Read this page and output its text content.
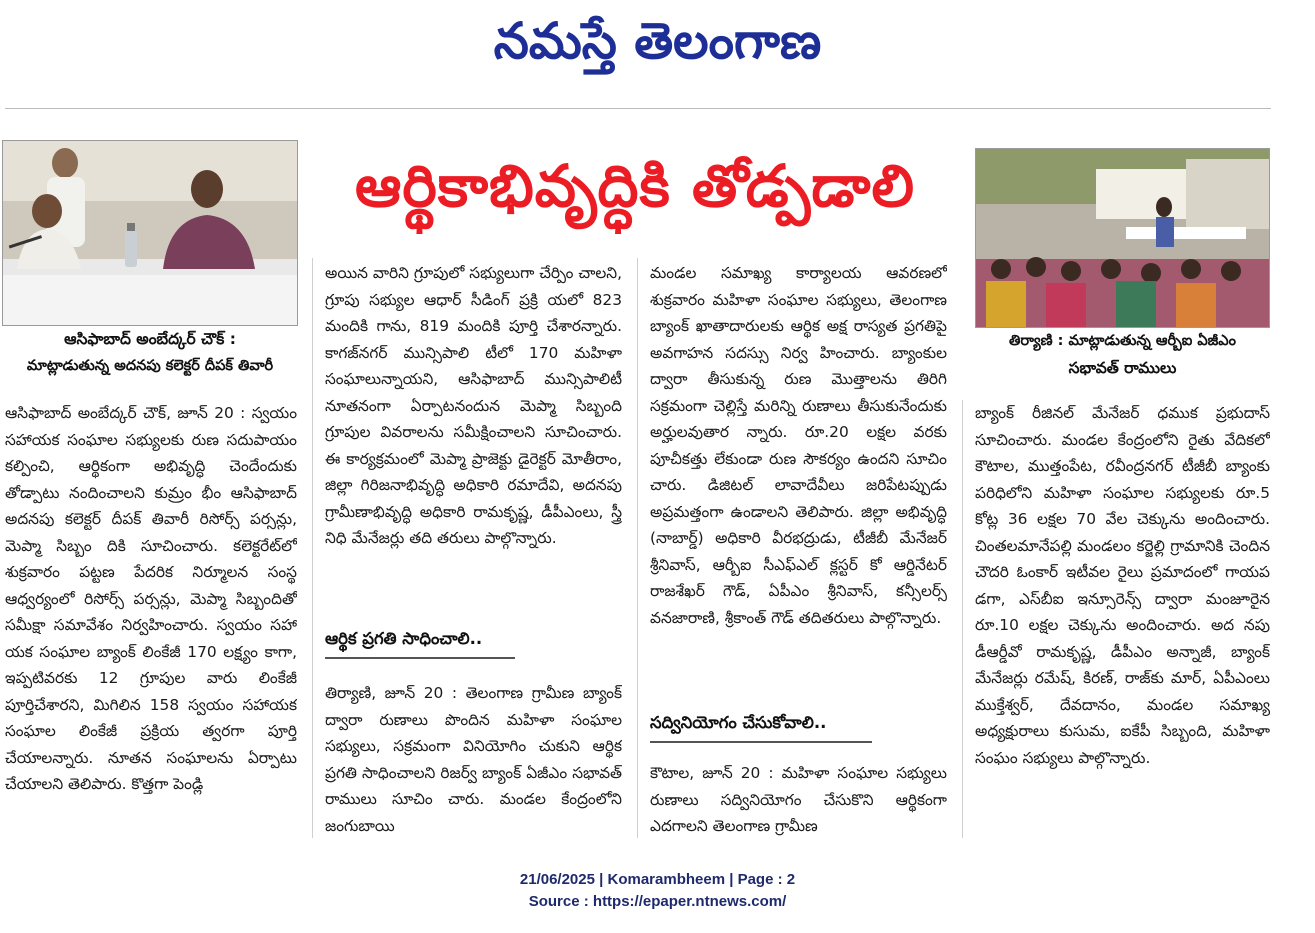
నమస్తే తెలంగాణ
ఆసిఫాబాద్ అంబేద్కర్ చౌక్ :
మాట్లాడుతున్న అదనపు కలెక్టర్ దీపక్ తివారీ
ఆర్థికాభివృద్ధికి తోడ్పడాలి
తిర్యాణి : మాట్లాడుతున్న ఆర్బీఐ ఏజీఎం
సభావత్ రాములు
ఆసిఫాబాద్ అంబేద్కర్ చౌక్, జూన్ 20 : స్వయం సహాయక సంఘాల సభ్యులకు రుణ సదుపాయం కల్పించి, ఆర్థికంగా అభివృద్ధి చెందేందుకు తోడ్పాటు నందించాలని కుమ్రం భీం ఆసిఫాబాద్ అదనపు కలెక్టర్ దీపక్ తివారీ రిసోర్స్ పర్సన్లు, మెప్మా సిబ్బం దికి సూచించారు. కలెక్టరేట్‌లో శుక్రవారం పట్టణ పేదరిక నిర్మూలన సంస్థ ఆధ్వర్యంలో రిసోర్స్ పర్సన్లు, మెప్మా సిబ్బందితో సమీక్షా సమావేశం నిర్వహించారు. స్వయం సహా యక సంఘాల బ్యాంక్ లింకేజీ 170 లక్ష్యం కాగా, ఇప్పటివరకు 12 గ్రూపుల వారు లింకేజీ పూర్తిచేశారని, మిగిలిన 158 స్వయం సహాయక సంఘాల లింకేజీ ప్రక్రియ త్వరగా పూర్తి చేయాలన్నారు. నూతన సంఘాలను ఏర్పాటు చేయాలని తెలిపారు. కొత్తగా పెండ్లి
అయిన వారిని గ్రూపులో సభ్యులుగా చేర్పిం చాలని, గ్రూపు సభ్యుల ఆధార్ సీడింగ్ ప్రక్రి యలో 823 మందికి గాను, 819 మందికి పూర్తి చేశారన్నారు. కాగజ్‌నగర్ మున్సిపాలి టీలో 170 మహిళా సంఘాలున్నాయని, ఆసిఫాబాద్ మున్సిపాలిటీ నూతనంగా ఏర్పాటనందున మెప్మా సిబ్బంది గ్రూపుల వివరాలను సమీక్షించాలని సూచించారు. ఈ కార్యక్రమంలో మెప్మా ప్రాజెక్టు డైరెక్టర్ మోతీరాం, జిల్లా గిరిజనాభివృద్ధి అధికారి రమాదేవి, అదనపు గ్రామీణాభివృద్ధి అధికారి రామకృష్ణ, డీపీఎంలు, స్త్రీ నిధి మేనేజర్లు తది తరులు పాల్గొన్నారు.
ఆర్థిక ప్రగతి సాధించాలి..
తిర్యాణి, జూన్ 20 : తెలంగాణ గ్రామీణ బ్యాంక్ ద్వారా రుణాలు పొందిన మహిళా సంఘాల సభ్యులు, సక్రమంగా వినియోగిం చుకుని ఆర్థిక ప్రగతి సాధించాలని రిజర్వ్ బ్యాంక్ ఏజీఎం సభావత్ రాములు సూచిం చారు. మండల కేంద్రంలోని జంగుబాయి
మండల సమాఖ్య కార్యాలయ ఆవరణలో శుక్రవారం మహిళా సంఘాల సభ్యులు, తెలంగాణ బ్యాంక్ ఖాతాదారులకు ఆర్థిక అక్ష రాస్యత ప్రగతిపై అవగాహన సదస్సు నిర్వ హించారు. బ్యాంకుల ద్వారా తీసుకున్న రుణ మొత్తాలను తిరిగి సక్రమంగా చెల్లిస్తే మరిన్ని రుణాలు తీసుకునేందుకు అర్హులవుతార న్నారు. రూ.20 లక్షల వరకు పూచీకత్తు లేకుండా రుణ సౌకర్యం ఉందని సూచిం చారు. డిజిటల్ లావాదేవీలు జరిపేటప్పుడు అప్రమత్తంగా ఉండాలని తెలిపారు. జిల్లా అభివృద్ధి (నాబార్డ్) అధికారి వీరభద్రుడు, టీజీబీ మేనేజర్ శ్రీనివాస్, ఆర్బీఐ సీఎఫ్‌ఎల్ క్లస్టర్ కో ఆర్డినేటర్ రాజశేఖర్ గౌడ్, ఏపీఎం శ్రీనివాస్, కన్సీలర్స్ వనజారాణి, శ్రీకాంత్ గౌడ్ తదితరులు పాల్గొన్నారు.
సద్వినియోగం చేసుకోవాలి..
కౌటాల, జూన్ 20 : మహిళా సంఘాల సభ్యులు రుణాలు సద్వినియోగం చేసుకొని ఆర్థికంగా ఎదగాలని తెలంగాణ గ్రామీణ
బ్యాంక్ రీజినల్ మేనేజర్ ధముక ప్రభుదాస్ సూచించారు. మండల కేంద్రంలోని రైతు వేదికలో కౌటాల, ముత్తంపేట, రవీంద్రనగర్ టీజీబీ బ్యాంకు పరిధిలోని మహిళా సంఘాల సభ్యులకు రూ.5 కోట్ల 36 లక్షల 70 వేల చెక్కును అందించారు. చింతలమానేపల్లి మండలం కర్జెల్లి గ్రామానికి చెందిన చౌదరి ఓంకార్ ఇటీవల రైలు ప్రమాదంలో గాయప డగా, ఎస్‌బీఐ ఇన్సూరెన్స్ ద్వారా మంజూరైన రూ.10 లక్షల చెక్కును అందించారు. అద నపు డీఆర్డీవో రామకృష్ణ, డీపీఎం అన్నాజీ, బ్యాంక్ మేనేజర్లు రమేష్, కిరణ్, రాజ్‌కు మార్, ఏపీఎంలు ముక్తేశ్వర్, దేవదానం, మండల సమాఖ్య అధ్యక్షురాలు కుసుమ, ఐకేపీ సిబ్బంది, మహిళా సంఘం సభ్యులు పాల్గొన్నారు.
21/06/2025 | Komarambheem | Page : 2
Source : https://epaper.ntnews.com/
